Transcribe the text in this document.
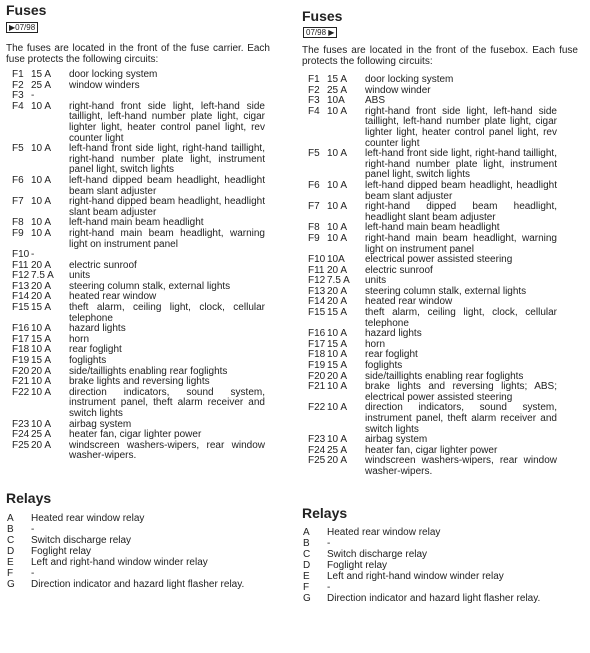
Fuses
▶07/98
The fuses are located in the front of the fuse carrier. Each fuse protects the following circuits:
F1 15 A	door locking system
F2 25 A	window winders
F3 -
F4 10 A	right-hand front side light, left-hand side taillight, left-hand number plate light, cigar lighter light, heater control panel light, rev counter light
F5 10 A	left-hand front side light, right-hand taillight, right-hand number plate light, instrument panel light, switch lights
F6 10 A	left-hand dipped beam headlight, headlight beam slant adjuster
F7 10 A	right-hand dipped beam headlight, headlight slant beam adjuster
F8 10 A	left-hand main beam headlight
F9 10 A	right-hand main beam headlight, warning light on instrument panel
F10 -
F11 20 A	electric sunroof
F12 7.5 A	units
F13 20 A	steering column stalk, external lights
F14 20 A	heated rear window
F15 15 A	theft alarm, ceiling light, clock, cellular telephone
F16 10 A	hazard lights
F17 15 A	horn
F18 10 A	rear foglight
F19 15 A	foglights
F20 20 A	side/taillights enabling rear foglights
F21 10 A	brake lights and reversing lights
F22 10 A	direction indicators, sound system, instrument panel, theft alarm receiver and switch lights
F23 10 A	airbag system
F24 25 A	heater fan, cigar lighter power
F25 20 A	windscreen washers-wipers, rear window washer-wipers.
Relays
A	Heated rear window relay
B	-
C	Switch discharge relay
D	Foglight relay
E	Left and right-hand window winder relay
F	-
G	Direction indicator and hazard light flasher relay.
Fuses
07/98 ▶
The fuses are located in the front of the fusebox. Each fuse protects the following circuits:
F1 15 A	door locking system
F2 25 A	window winder
F3 10A	ABS
F4 10 A	right-hand front side light, left-hand side taillight, left-hand number plate light, cigar lighter light, heater control panel light, rev counter light
F5 10 A	left-hand front side light, right-hand taillight, right-hand number plate light, instrument panel light, switch lights
F6 10 A	left-hand dipped beam headlight, headlight beam slant adjuster
F7 10 A	right-hand dipped beam headlight, headlight slant beam adjuster
F8 10 A	left-hand main beam headlight
F9 10 A	right-hand main beam headlight, warning light on instrument panel
F10 10A	electrical power assisted steering
F11 20 A	electric sunroof
F12 7.5 A	units
F13 20 A	steering column stalk, external lights
F14 20 A	heated rear window
F15 15 A	theft alarm, ceiling light, clock, cellular telephone
F16 10 A	hazard lights
F17 15 A	horn
F18 10 A	rear foglight
F19 15 A	foglights
F20 20 A	side/taillights enabling rear foglights
F21 10 A	brake lights and reversing lights; ABS; electrical power assisted steering
F22 10 A	direction indicators, sound system, instrument panel, theft alarm receiver and switch lights
F23 10 A	airbag system
F24 25 A	heater fan, cigar lighter power
F25 20 A	windscreen washers-wipers, rear window washer-wipers.
Relays
A	Heated rear window relay
B	-
C	Switch discharge relay
D	Foglight relay
E	Left and right-hand window winder relay
F	-
G	Direction indicator and hazard light flasher relay.
